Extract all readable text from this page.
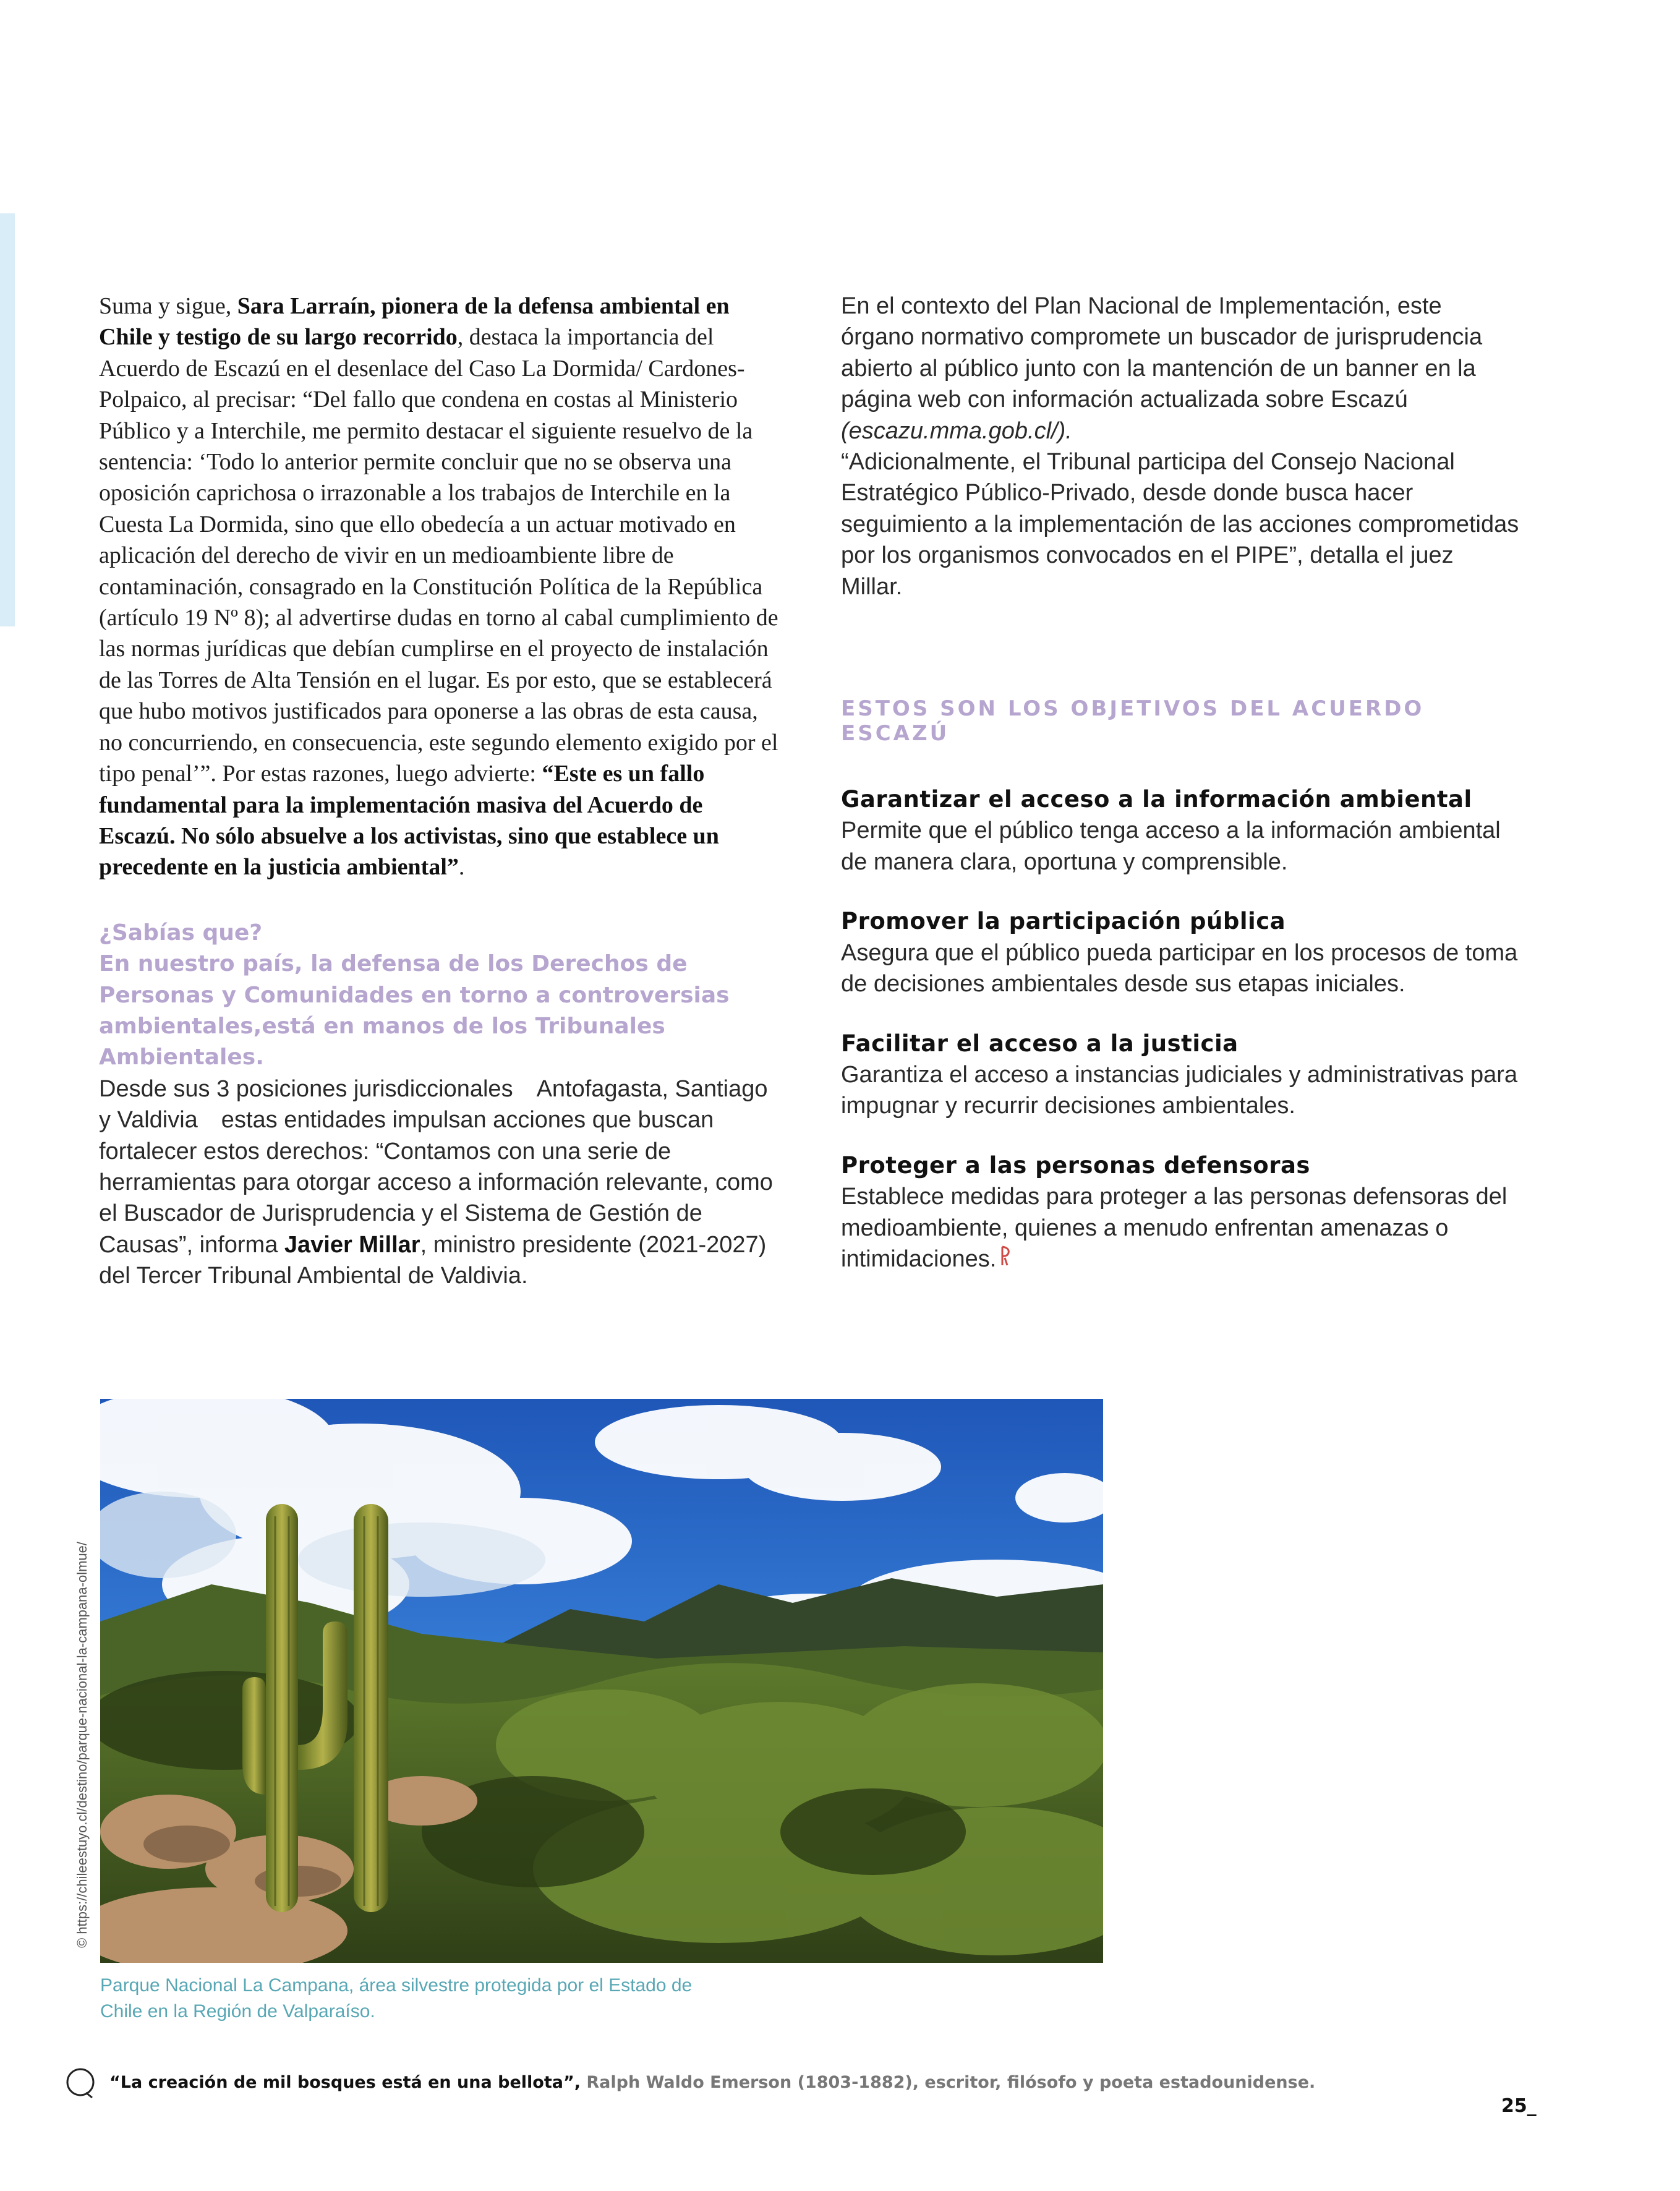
Suma y sigue, Sara Larraín, pionera de la defensa ambiental en Chile y testigo de su largo recorrido, destaca la importancia del Acuerdo de Escazú en el desenlace del Caso La Dormida/ Cardones-Polpaico, al precisar: “Del fallo que condena en costas al Ministerio Público y a Interchile, me permito destacar el siguiente resuelvo de la sentencia: ‘Todo lo anterior permite concluir que no se observa una oposición caprichosa o irrazonable a los trabajos de Interchile en la Cuesta La Dormida, sino que ello obedecía a un actuar motivado en aplicación del derecho de vivir en un medioambiente libre de contaminación, consagrado en la Constitución Política de la República (artículo 19 Nº 8); al advertirse dudas en torno al cabal cumplimiento de las normas jurídicas que debían cumplirse en el proyecto de instalación de las Torres de Alta Tensión en el lugar. Es por esto, que se establecerá que hubo motivos justificados para oponerse a las obras de esta causa, no concurriendo, en consecuencia, este segundo elemento exigido por el tipo penal’”. Por estas razones, luego advierte: “Este es un fallo fundamental para la implementación masiva del Acuerdo de Escazú. No sólo absuelve a los activistas, sino que establece un precedente en la justicia ambiental”.

¿Sabías que?

En nuestro país, la defensa de los Derechos de Personas y Comunidades en torno a controversias ambientales,está en manos de los Tribunales Ambientales.

Desde sus 3 posiciones jurisdiccionales Antofagasta, Santiago y Valdivia estas entidades impulsan acciones que buscan fortalecer estos derechos: “Contamos con una serie de herramientas para otorgar acceso a información relevante, como el Buscador de Jurisprudencia y el Sistema de Gestión de Causas”, informa Javier Millar, ministro presidente (2021-2027) del Tercer Tribunal Ambiental de Valdivia.

En el contexto del Plan Nacional de Implementación, este órgano normativo compromete un buscador de jurisprudencia abierto al público junto con la mantención de un banner en la página web con información actualizada sobre Escazú (escazu.mma.gob.cl/).

“Adicionalmente, el Tribunal participa del Consejo Nacional Estratégico Público-Privado, desde donde busca hacer seguimiento a la implementación de las acciones comprometidas por los organismos convocados en el PIPE”, detalla el juez Millar.

ESTOS SON LOS OBJETIVOS DEL ACUERDO ESCAZÚ

Garantizar el acceso a la información ambiental

Permite que el público tenga acceso a la información ambiental de manera clara, oportuna y comprensible.

Promover la participación pública

Asegura que el público pueda participar en los procesos de toma de decisiones ambientales desde sus etapas iniciales.

Facilitar el acceso a la justicia

Garantiza el acceso a instancias judiciales y administrativas para impugnar y recurrir decisiones ambientales.

Proteger a las personas defensoras

Establece medidas para proteger a las personas defensoras del medioambiente, quienes a menudo enfrentan amenazas o intimidaciones.

© https://chileestuyo.cl/destino/parque-nacional-la-campana-olmue/

Parque Nacional La Campana, área silvestre protegida por el Estado de Chile en la Región de Valparaíso.

“La creación de mil bosques está en una bellota”, Ralph Waldo Emerson (1803-1882), escritor, filósofo y poeta estadounidense.
25_
